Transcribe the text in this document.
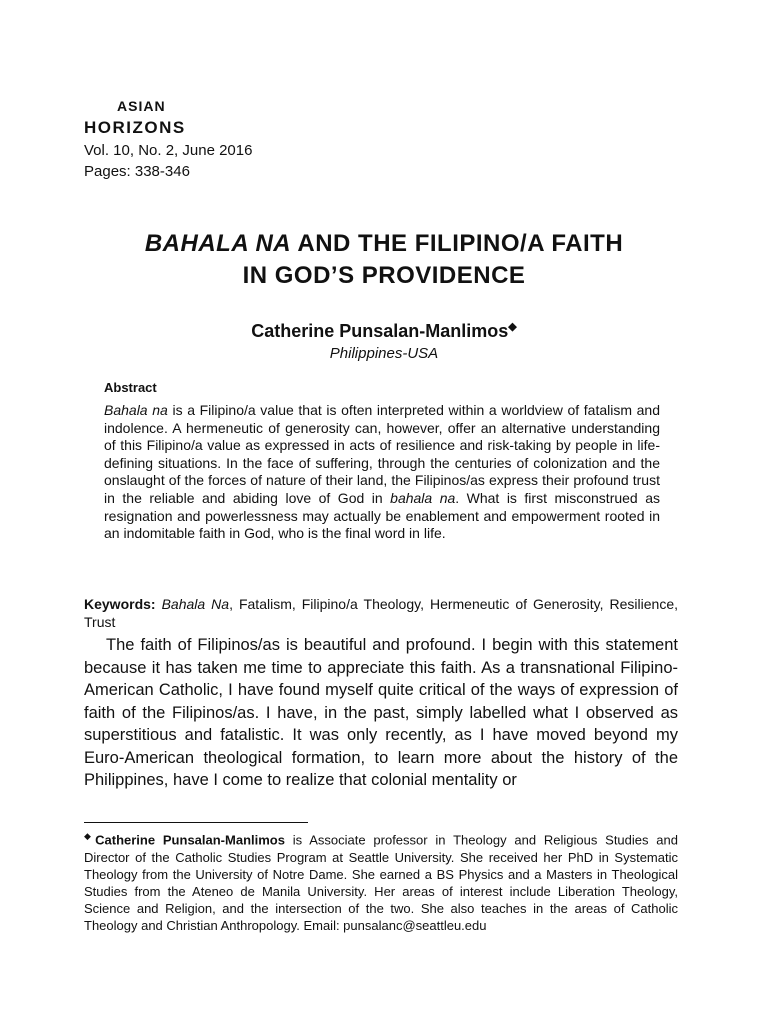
ASIAN
HORIZONS
Vol. 10, No. 2, June 2016
Pages: 338-346
BAHALA NA AND THE FILIPINO/A FAITH
IN GOD’S PROVIDENCE
Catherine Punsalan-Manlimos◆
Philippines-USA
Abstract

Bahala na is a Filipino/a value that is often interpreted within a worldview of fatalism and indolence. A hermeneutic of generosity can, however, offer an alternative understanding of this Filipino/a value as expressed in acts of resilience and risk-taking by people in life-defining situations. In the face of suffering, through the centuries of colonization and the onslaught of the forces of nature of their land, the Filipinos/as express their profound trust in the reliable and abiding love of God in bahala na. What is first misconstrued as resignation and powerlessness may actually be enablement and empowerment rooted in an indomitable faith in God, who is the final word in life.

Keywords: Bahala Na, Fatalism, Filipino/a Theology, Hermeneutic of Generosity, Resilience, Trust
The faith of Filipinos/as is beautiful and profound. I begin with this statement because it has taken me time to appreciate this faith. As a transnational Filipino-American Catholic, I have found myself quite critical of the ways of expression of faith of the Filipinos/as. I have, in the past, simply labelled what I observed as superstitious and fatalistic. It was only recently, as I have moved beyond my Euro-American theological formation, to learn more about the history of the Philippines, have I come to realize that colonial mentality or
◆Catherine Punsalan-Manlimos is Associate professor in Theology and Religious Studies and Director of the Catholic Studies Program at Seattle University. She received her PhD in Systematic Theology from the University of Notre Dame. She earned a BS Physics and a Masters in Theological Studies from the Ateneo de Manila University. Her areas of interest include Liberation Theology, Science and Religion, and the intersection of the two. She also teaches in the areas of Catholic Theology and Christian Anthropology. Email: punsalanc@seattleu.edu
